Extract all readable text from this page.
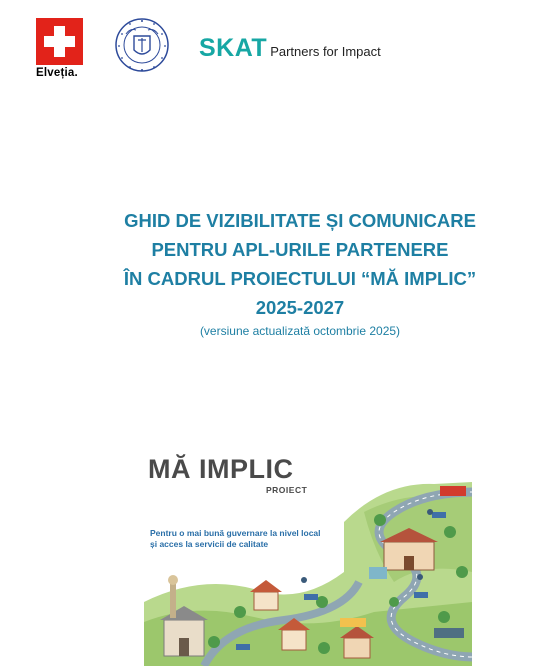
Elveția.
SKAT Partners for Impact

GHID DE VIZIBILITATE ȘI COMUNICARE

PENTRU APL-URILE PARTENERE

ÎN CADRUL PROIECTULUI “MĂ IMPLIC”

2025-2027

(versiune actualizată octombrie 2025)
MĂ IMPLIC
PROIECT
Pentru o mai bună guvernare la nivel local
și acces la servicii de calitate
